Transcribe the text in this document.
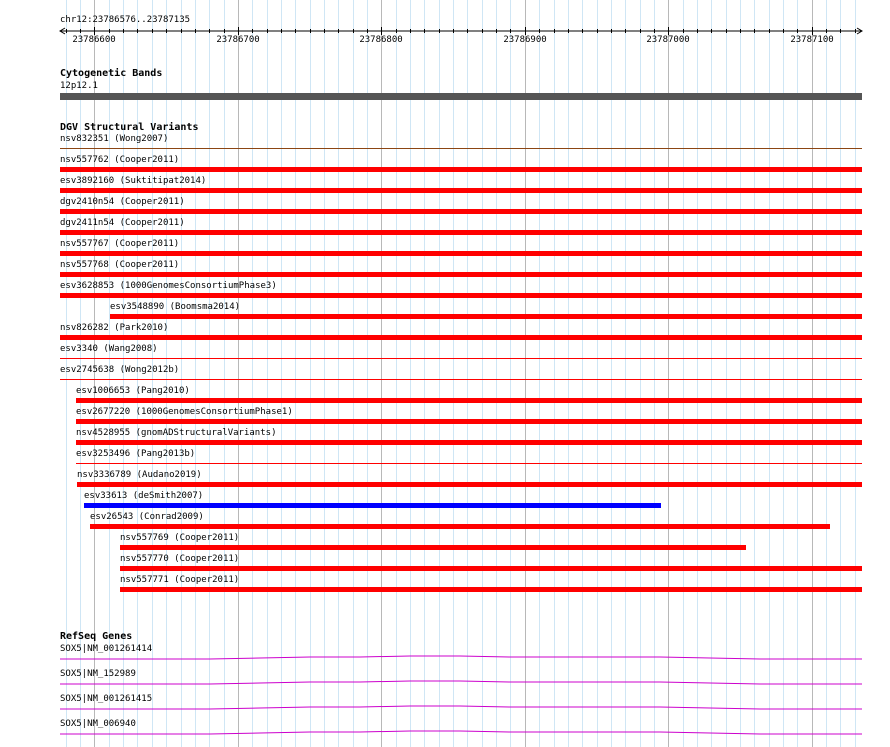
chr12:23786576..23787135
23786600	23786700	23786800	23786900	23787000	23787100
Cytogenetic Bands
12p12.1
DGV Structural Variants
nsv832351 (Wong2007)
nsv557762 (Cooper2011)
esv3892160 (Suktitipat2014)
dgv2410n54 (Cooper2011)
dgv2411n54 (Cooper2011)
nsv557767 (Cooper2011)
nsv557768 (Cooper2011)
esv3628853 (1000GenomesConsortiumPhase3)
esv3548890 (Boomsma2014)
nsv826282 (Park2010)
esv3340 (Wang2008)
esv2745638 (Wong2012b)
esv1006653 (Pang2010)
esv2677220 (1000GenomesConsortiumPhase1)
nsv4528955 (gnomADStructuralVariants)
esv3253496 (Pang2013b)
nsv3336789 (Audano2019)
esv33613 (deSmith2007)
esv26543 (Conrad2009)
nsv557769 (Cooper2011)
nsv557770 (Cooper2011)
nsv557771 (Cooper2011)
RefSeq Genes
SOX5|NM_001261414
SOX5|NM_152989
SOX5|NM_001261415
SOX5|NM_006940
